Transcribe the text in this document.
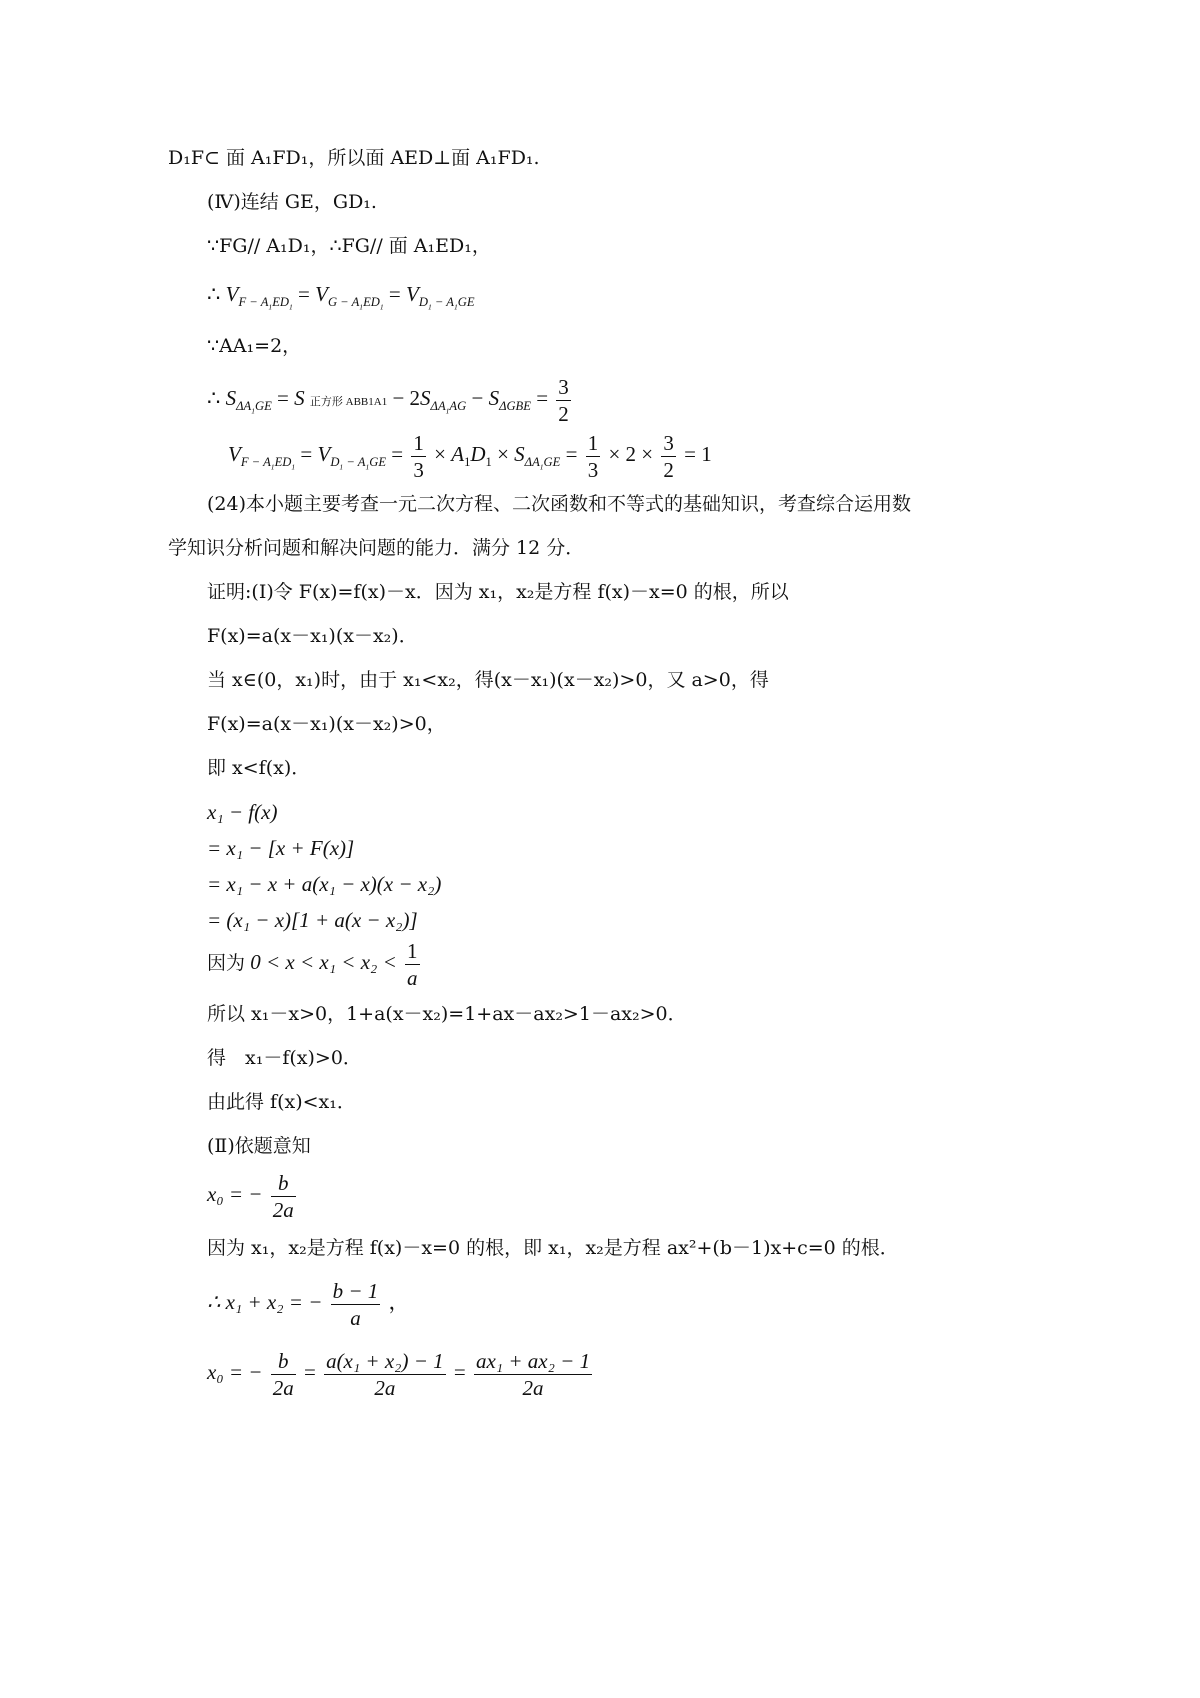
D₁F⊂ 面 A₁FD₁，所以面 AED⊥面 A₁FD₁.
(Ⅳ)连结 GE，GD₁.
∵FG// A₁D₁，∴FG// 面 A₁ED₁，
∴ $V_{F - A_1ED_1} = V_{G - A_1ED_1} = V_{D_1 - A_1GE}$
∵AA₁=2，
∴ $S_{\Delta A_1GE} = S$ 正方形 $ABB1A1 - 2S_{\Delta A_1AG} - S_{\Delta GBE} = \frac{3}{2}$
$V_{F - A_1ED_1} = V_{D_1 - A_1GE} = \frac{1}{3} \times A_1D_1 \times S_{\Delta A_1GE} = \frac{1}{3} \times 2 \times \frac{3}{2} = 1$
(24)本小题主要考查一元二次方程、二次函数和不等式的基础知识，考查综合运用数
学知识分析问题和解决问题的能力．满分 12 分．
证明:(Ⅰ)令 F(x)=f(x)－x．因为 x₁，x₂是方程 f(x)－x=0 的根，所以
F(x)=a(x－x₁)(x－x₂)．
当 x∈(0，x₁)时，由于 x₁<x₂，得(x－x₁)(x－x₂)>0，又 a>0，得
F(x)=a(x－x₁)(x－x₂)>0，
即 x<f(x)．
x₁ − f(x)
= x₁ − [x + F(x)]
= x₁ − x + a(x₁ − x)(x − x₂)
= (x₁ − x)[1 + a(x − x₂)]
因为 $0 < x < x_1 < x_2 < \frac{1}{a}$
所以 x₁－x>0，1+a(x－x₂)=1+ax－ax₂>1－ax₂>0．
得　x₁－f(x)>0．
由此得 f(x)<x₁．
(Ⅱ)依题意知
x₀ = − $\frac{b}{2a}$
因为 x₁，x₂是方程 f(x)－x=0 的根，即 x₁，x₂是方程 ax²+(b－1)x+c=0 的根．
∴ x₁ + x₂ = − $\frac{b - 1}{a}$ ，
x₀ = − $\frac{b}{2a} = \frac{\text{a(x₁ + x₂) − 1}}{2a} = \frac{\text{ax₁ + ax₂ − 1}}{2a}$
